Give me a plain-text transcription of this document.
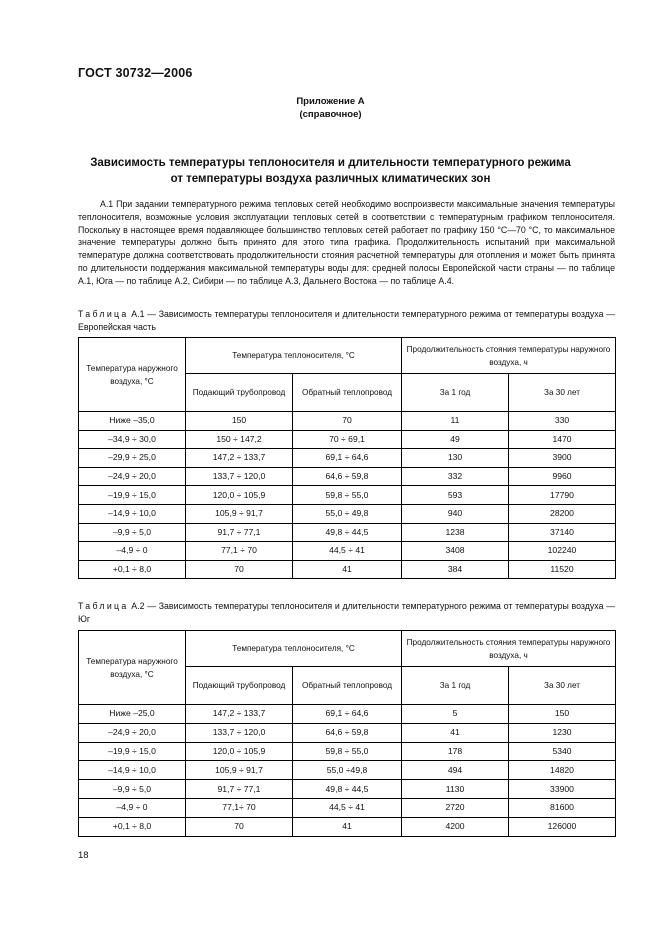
ГОСТ 30732—2006
Приложение А
(справочное)
Зависимость температуры теплоносителя и длительности температурного режима
от температуры воздуха различных климатических зон

А.1 При задании температурного режима тепловых сетей необходимо воспроизвести максимальные значения температуры теплоносителя, возможные условия эксплуатации тепловых сетей в соответствии с температурным графиком теплоносителя. Поскольку в настоящее время подавляющее большинство тепловых сетей работает по графику 150 °С—70 °С, то максимальное значение температуры должно быть принято для этого типа графика. Продолжительность испытаний при максимальной температуре должна соответствовать продолжительности стояния расчетной температуры для отопления и может быть принята по длительности поддержания максимальной температуры воды для: средней полосы Европейской части страны — по таблице А.1, Юга — по таблице А.2, Сибири — по таблице А.3, Дальнего Востока — по таблице А.4.

Таблица А.1 — Зависимость температуры теплоносителя и длительности температурного режима от температуры воздуха — Европейская часть
Температура наружного воздуха, °С	Температура теплоносителя, °С		Продолжительность стояния температуры наружного воздуха, ч	
	Подающий трубопровод	Обратный теплопровод	За 1 год	За 30 лет
Ниже –35,0	150	70	11	330
–34,9 ÷ 30,0	150 ÷ 147,2	70 ÷ 69,1	49	1470
–29,9 ÷ 25,0	147,2 ÷ 133,7	69,1 ÷ 64,6	130	3900
–24,9 ÷ 20,0	133,7 ÷ 120,0	64,6 ÷ 59,8	332	9960
–19,9 ÷ 15,0	120,0 ÷ 105,9	59,8 ÷ 55,0	593	17790
–14,9 ÷ 10,0	105,9 ÷ 91,7	55,0 ÷ 49,8	940	28200
–9,9 ÷ 5,0	91,7 ÷ 77,1	49,8 ÷ 44,5	1238	37140
–4,9 ÷ 0	77,1 ÷ 70	44,5 ÷ 41	3408	102240
+0,1 ÷ 8,0	70	41	384	11520
Таблица А.2 — Зависимость температуры теплоносителя и длительности температурного режима от температуры воздуха — Юг
Температура наружного воздуха, °С	Температура теплоносителя, °С		Продолжительность стояния температуры наружного воздуха, ч	
	Подающий трубопровод	Обратный теплопровод	За 1 год	За 30 лет
Ниже –25,0	147,2 ÷ 133,7	69,1 ÷ 64,6	5	150
–24,9 ÷ 20,0	133,7 ÷ 120,0	64,6 ÷ 59,8	41	1230
–19,9 ÷ 15,0	120,0 ÷ 105,9	59,8 ÷ 55,0	178	5340
–14,9 ÷ 10,0	105,9 ÷ 91,7	55,0 ÷49,8	494	14820
–9,9 ÷ 5,0	91,7 ÷ 77,1	49,8 ÷ 44,5	1130	33900
–4,9 ÷ 0	77,1÷ 70	44,5 ÷ 41	2720	81600
+0,1 ÷ 8,0	70	41	4200	126000
18
